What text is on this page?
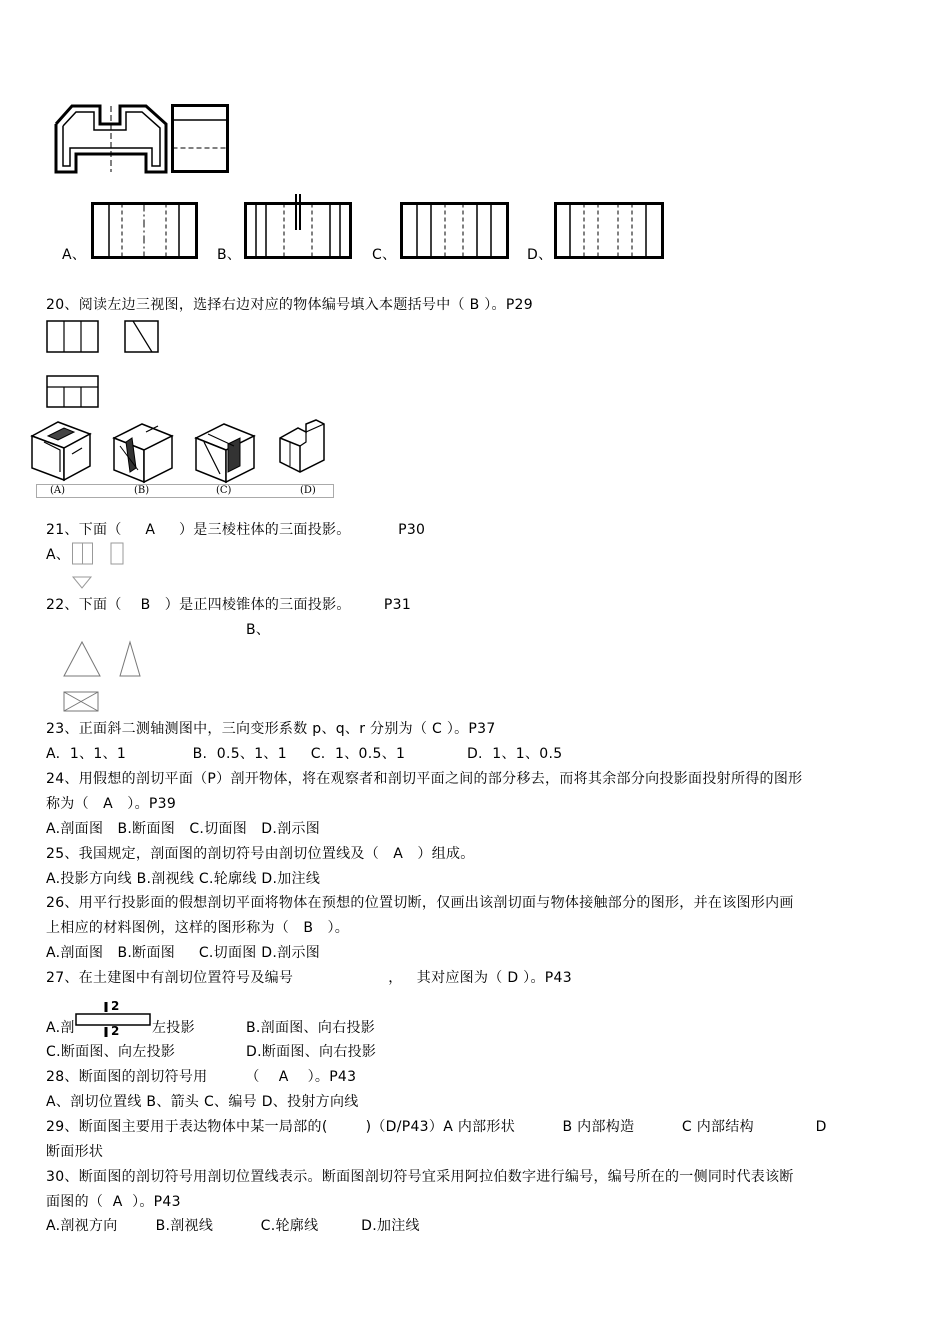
A、	B、	C、	D、
20、阅读左边三视图，选择右边对应的物体编号填入本题括号中（ B ）。P29
(A)	(B)	(C)	(D)
21、下面（     A     ）是三棱柱体的三面投影。          P30
A、
22、下面（    B   ）是正四棱锥体的三面投影。       P31
B、
23、正面斜二测轴测图中，三向变形系数 p、q、r 分别为（ C ）。P37
A.  1、1、1              B.  0.5、1、1     C.  1、0.5、1             D.  1、1、0.5
24、用假想的剖切平面（P）剖开物体，将在观察者和剖切平面之间的部分移去，而将其余部分向投影面投射所得的图形
称为（   A   ）。P39
A.剖面图   B.断面图   C.切面图   D.剖示图
25、我国规定，剖面图的剖切符号由剖切位置线及（   A   ）组成。
A.投影方向线 B.剖视线 C.轮廓线 D.加注线
26、用平行投影面的假想剖切平面将物体在预想的位置切断，仅画出该剖切面与物体接触部分的图形，并在该图形内画
上相应的材料图例，这样的图形称为（   B   ）。
A.剖面图   B.断面图     C.切面图 D.剖示图
27、在土建图中有剖切位置符号及编号                    ，   其对应图为（ D ）。P43
A.剖	左投影
2
2	B.剖面图、向右投影
C.断面图、向左投影	D.断面图、向右投影
28、断面图的剖切符号用        （    A    ）。P43
A、剖切位置线 B、箭头 C、编号 D、投射方向线
29、断面图主要用于表达物体中某一局部的(        )（D/P43）A 内部形状          B 内部构造          C 内部结构             D
断面形状
30、断面图的剖切符号用剖切位置线表示。断面图剖切符号宜采用阿拉伯数字进行编号，编号所在的一侧同时代表该断
面图的（  A  ）。P43
A.剖视方向        B.剖视线          C.轮廓线         D.加注线
